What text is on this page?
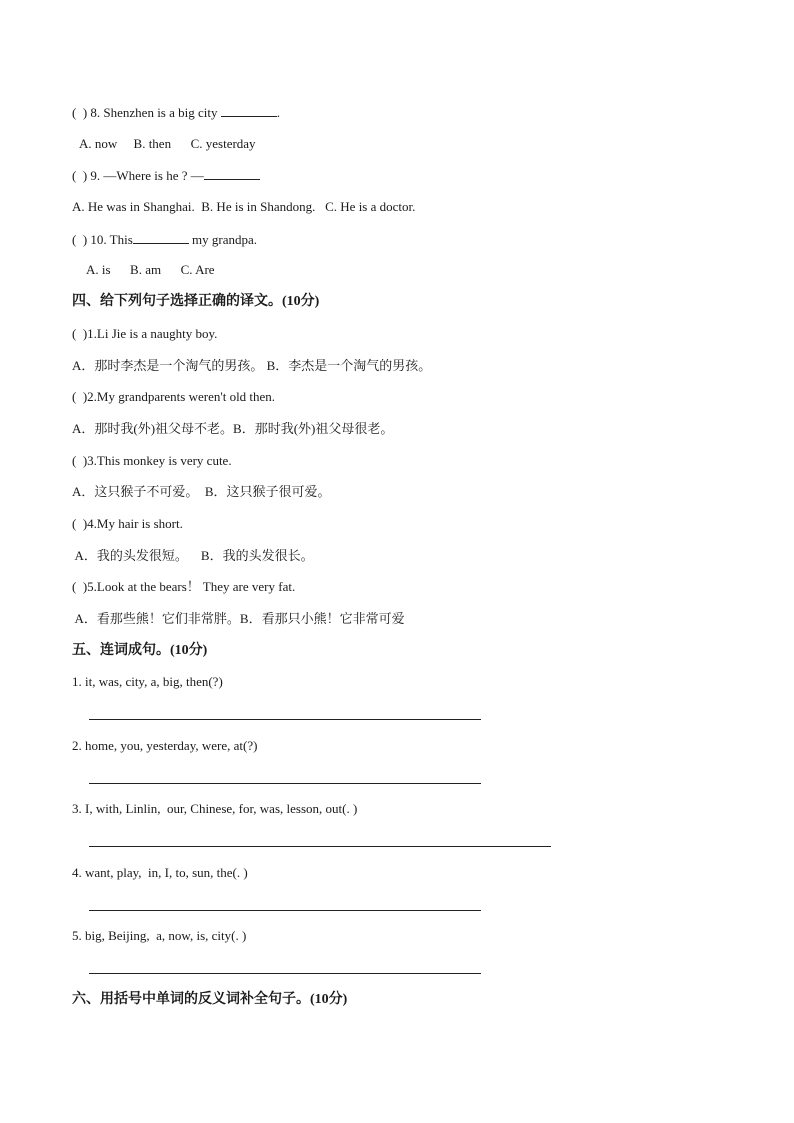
(  ) 8. Shenzhen is a big city	.
A. now     B. then      C. yesterday
(  ) 9. —Where is he ? —
A. He was in Shanghai.  B. He is in Shandong.   C. He is a doctor.
(  ) 10. This	my grandpa.
A. is      B. am      C. Are
四、给下列句子选择正确的译文。(10分)
(  )1.Li Jie is a naughty boy.
A．那时李杰是一个淘气的男孩。 B．李杰是一个淘气的男孩。
(  )2.My grandparents weren't old then.
A．那时我(外)祖父母不老。B．那时我(外)祖父母很老。
(  )3.This monkey is very cute.
A．这只猴子不可爱。  B．这只猴子很可爱。
(  )4.My hair is short.
A．我的头发很短。    B．我的头发很长。
(  )5.Look at the bears！ They are very fat.
A．看那些熊！它们非常胖。B．看那只小熊！它非常可爱
五、连词成句。(10分)
1. it, was, city, a, big, then(?)
2. home, you, yesterday, were, at(?)
3. I, with, Linlin,  our, Chinese, for, was, lesson, out(. )
4. want, play,  in, I, to, sun, the(. )
5. big, Beijing,  a, now, is, city(. )
六、用括号中单词的反义词补全句子。(10分)
